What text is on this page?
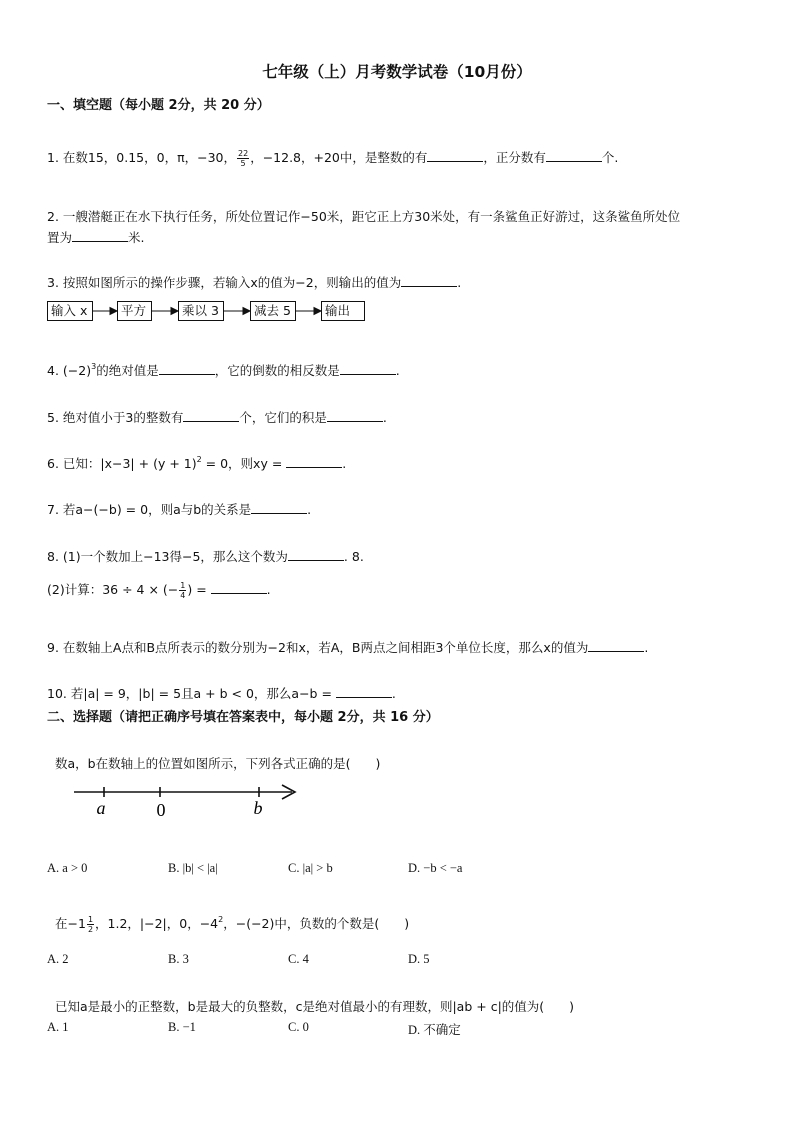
七年级（上）月考数学试卷（10月份）
一、填空题（每小题 2分，共 20 分）
1. 在数15，0.15，0，π，−30， $\frac{22}{5}$ ，−12.8，+20中，是整数的有	，正分数有	个.
2. 一艘潜艇正在水下执行任务，所处位置记作−50米，距它正上方30米处，有一条鲨鱼正好游过，这条鲨鱼所处位
置为	米.
3. 按照如图所示的操作步骤，若输入x的值为−2，则输出的值为	.
输入 x	平方	乘以 3	减去 5	输出
4. $(-2)^3$的绝对值是	，它的倒数的相反数是	.
5. 绝对值小于3的整数有	个，它们的积是	.
6. 已知：$|x-3| + (y + 1)^2 = 0$，则xy =	.
7. 若a−(−b) = 0，则a与b的关系是	.
8. (1)一个数加上−13得−5，那么这个数为	. 8.
(2)计算：36 ÷ 4 × (− $\frac{1}{4}$ ) =	.
9. 在数轴上A点和B点所表示的数分别为−2和x，若A，B两点之间相距3个单位长度，那么x的值为	.
10. 若|a| = 9，|b| = 5且a + b < 0，那么a−b =	.
二、选择题（请把正确序号填在答案表中，每小题 2分，共 16 分）
数a，b在数轴上的位置如图所示，下列各式正确的是(　　)
a	0	b
A. a > 0	B. |b| < |a|	C. |a| > b	D. −b < −a
在$-1 \frac{1}{2}$ ，1.2，|−2|，0，$-4^2$，−(−2)中，负数的个数是(　　)
A. 2	B. 3	C. 4	D. 5
已知a是最小的正整数，b是最大的负整数，c是绝对值最小的有理数，则|ab + c|的值为(　　)
A. 1	B. −1	C. 0	D. 不确定
